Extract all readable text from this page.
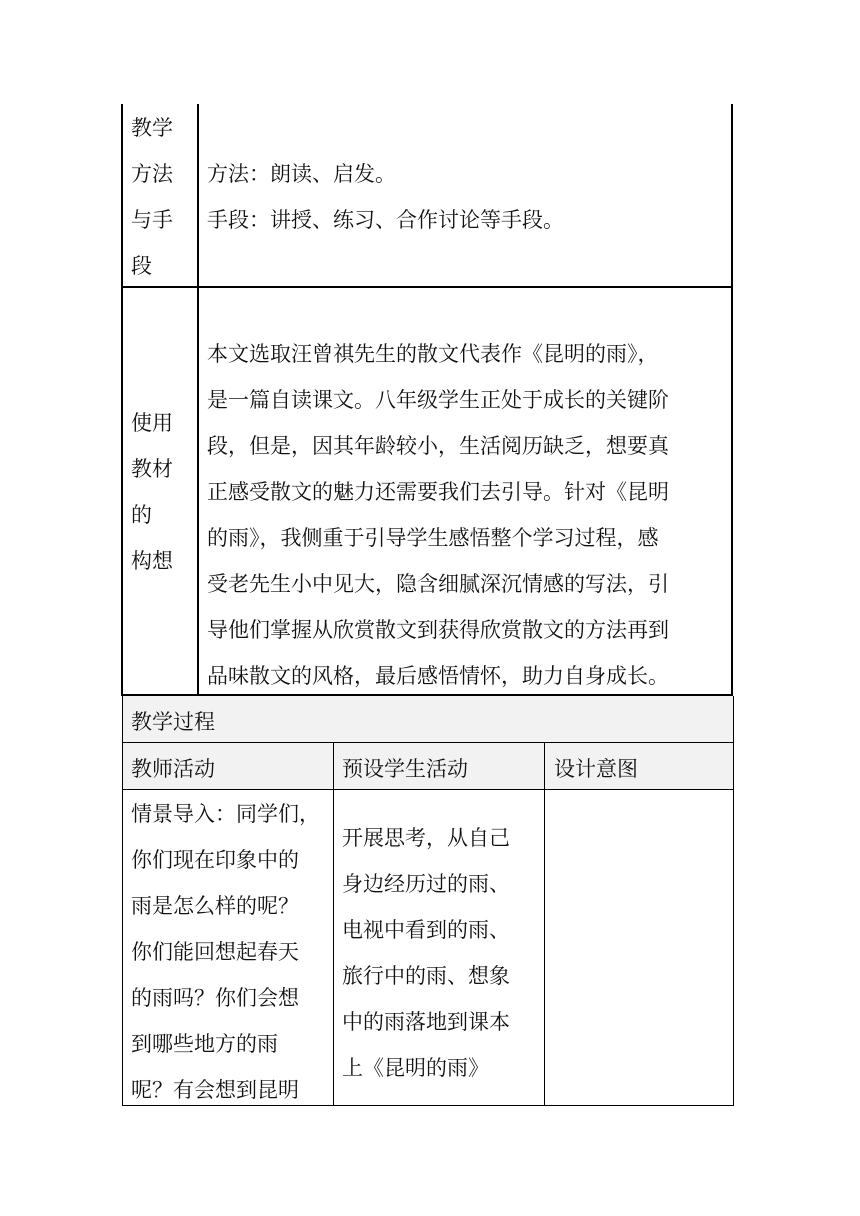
教学
方法
与手
段
方法：朗读、启发。
手段：讲授、练习、合作讨论等手段。
使用
教材
的
构想
本文选取汪曾祺先生的散文代表作《昆明的雨》，
是一篇自读课文。八年级学生正处于成长的关键阶
段，但是，因其年龄较小，生活阅历缺乏，想要真
正感受散文的魅力还需要我们去引导。针对《昆明
的雨》，我侧重于引导学生感悟整个学习过程，感
受老先生小中见大，隐含细腻深沉情感的写法，引
导他们掌握从欣赏散文到获得欣赏散文的方法再到
品味散文的风格，最后感悟情怀，助力自身成长。
教学过程
教师活动	预设学生活动	设计意图
情景导入：同学们，
你们现在印象中的
雨是怎么样的呢？
你们能回想起春天
的雨吗？你们会想
到哪些地方的雨
呢？有会想到昆明
开展思考，从自己
身边经历过的雨、
电视中看到的雨、
旅行中的雨、想象
中的雨落地到课本
上《昆明的雨》
